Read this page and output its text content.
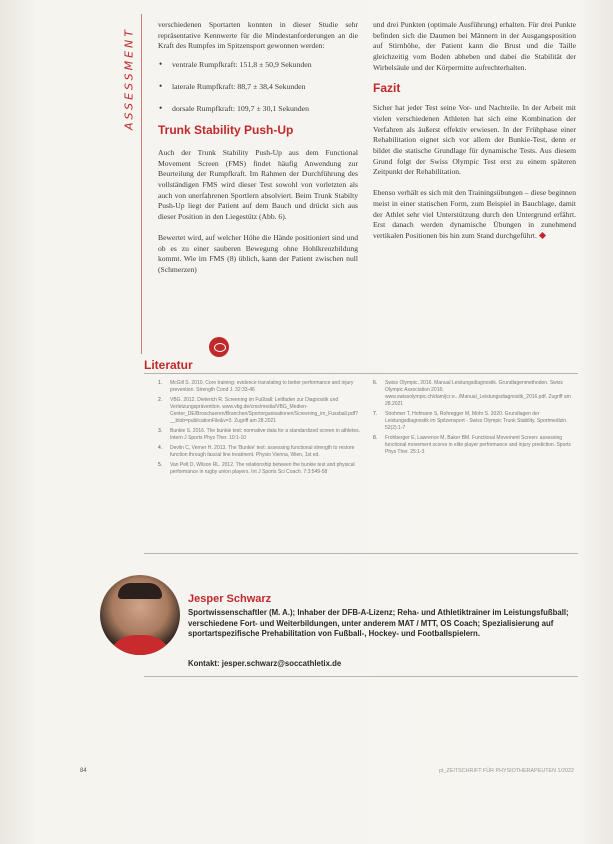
ASSESSMENT

verschiedenen Sportarten konnten in dieser Studie sehr repräsentative Kennwerte für die Mindestanforderungen an die Kraft des Rumpfes im Spitzensport gewonnen werden:

• ventrale Rumpfkraft: 151,8 ± 50,9 Sekunden
• laterale Rumpfkraft: 88,7 ± 38,4 Sekunden
• dorsale Rumpfkraft: 109,7 ± 30,1 Sekunden
Trunk Stability Push-Up

Auch der Trunk Stability Push-Up aus dem Functional Movement Screen (FMS) findet häufig Anwendung zur Beurteilung der Rumpfkraft. Im Rahmen der Durchführung des vollständigen FMS wird dieser Test sowohl von vorletzten als auch von unerfahrenen Sportlern absolviert. Beim Trunk Stabilty Push-Up liegt der Patient auf dem Bauch und drückt sich aus dieser Position in den Liegestütz (Abb. 6).

Bewertet wird, auf welcher Höhe die Hände positioniert sind und ob es zu einer sauberen Bewegung ohne Hohlkreuzbildung kommt. Wie im FMS (8) üblich, kann der Patient zwischen null (Schmerzen)

und drei Punkten (optimale Ausführung) erhalten. Für drei Punkte befinden sich die Daumen bei Männern in der Ausgangsposition auf Stirnhöhe, der Patient kann die Brust und die Taille gleichzeitig vom Boden abheben und dabei die Stabilität der Wirbelsäule und der Körpermitte aufrechterhalten.

Fazit

Sicher hat jeder Test seine Vor- und Nachteile. In der Arbeit mit vielen verschiedenen Athleten hat sich eine Kombination der Verfahren als äußerst effektiv erwiesen. In der Frühphase einer Rehabilitation eignet sich vor allem der Bunkie-Test, denn er bildet die statische Grundlage für dynamische Tests. Aus diesem Grund folgt der Swiss Olympic Test erst zu einem späteren Zeitpunkt der Rehabilitation.

Ebenso verhält es sich mit den Trainingsübungen – diese beginnen meist in einer statischen Form, zum Beispiel in Bauchlage, damit der Athlet sehr viel Unterstützung durch den Untergrund erfährt. Erst danach werden dynamische Übungen in zunehmend vertikalen Positionen bis hin zum Stand durchgeführt.

Literatur
1. McGill S. 2010. Core training: evidence translating to better performance and injury prevention. Strength Cond J. 32:33-46
2. VBG. 2012. Dieterich R. Screening im Fußball: Leitfaden zur Diagnostik und Verletzungsprävention. www.vbg.de/cms/media/VBG_Medien-Center_DE/Broschueren/Branchen/Sportorganisationen/Screening_im_Fussball.pdf?__blob=publicationFile&v=3. Zugriff am 28.2021
3. Bunkie S. 2016. The bunkie test: normative data for a standardized screen in athletes. Intern J Sports Phys Ther. 10:1-10
4. Devlin C, Verner H. 2013. The 'Bunkie' test: assessing functional strength to restore function through fascial line treatment. Physio Vienna, Wien, 1st ed.
5. Van Pelt D, Wilson RL. 2012. The relationship between the bunkie test and physical performance in rugby union players. Int J Sports Sci Coach. 7:3:549-58
6. Swiss Olympic. 2016. Manual Leistungsdiagnostik. Grundlagenmethoden. Swiss Olympic Association 2016; www.swissolympic.ch/dam/jcr:e.../Manual_Leistungsdiagnostik_2016.pdf. Zugriff am 28.2021
7. Strohmer T, Hofmann S, Rohregger M, Mohr S. 2020. Grundlagen der Leistungsdiagnostik im Spitzensport - Swiss Olympic Trunk Stability. Sportmedizin. 52(2):1-7
8. Frohberger E, Lawrence M, Baker BM. Functional Movement Screen: assessing functional movement scores in elite player performance and injury prediction. Sports Phys Ther. 25:1-3
Jesper Schwarz

Sportwissenschaftler (M. A.); Inhaber der DFB-A-Lizenz; Reha- und Athletiktrainer im Leistungsfußball; verschiedene Fort- und Weiterbildungen, unter anderem MAT / MTT, OS Coach; Spezialisierung auf sportartspezifische Prehabilitation von Fußball-, Hockey- und Footballspielern.

Kontakt: jesper.schwarz@soccathletix.de

84	pt_ZEITSCHRIFT FÜR PHYSIOTHERAPEUTEN 1/2022
